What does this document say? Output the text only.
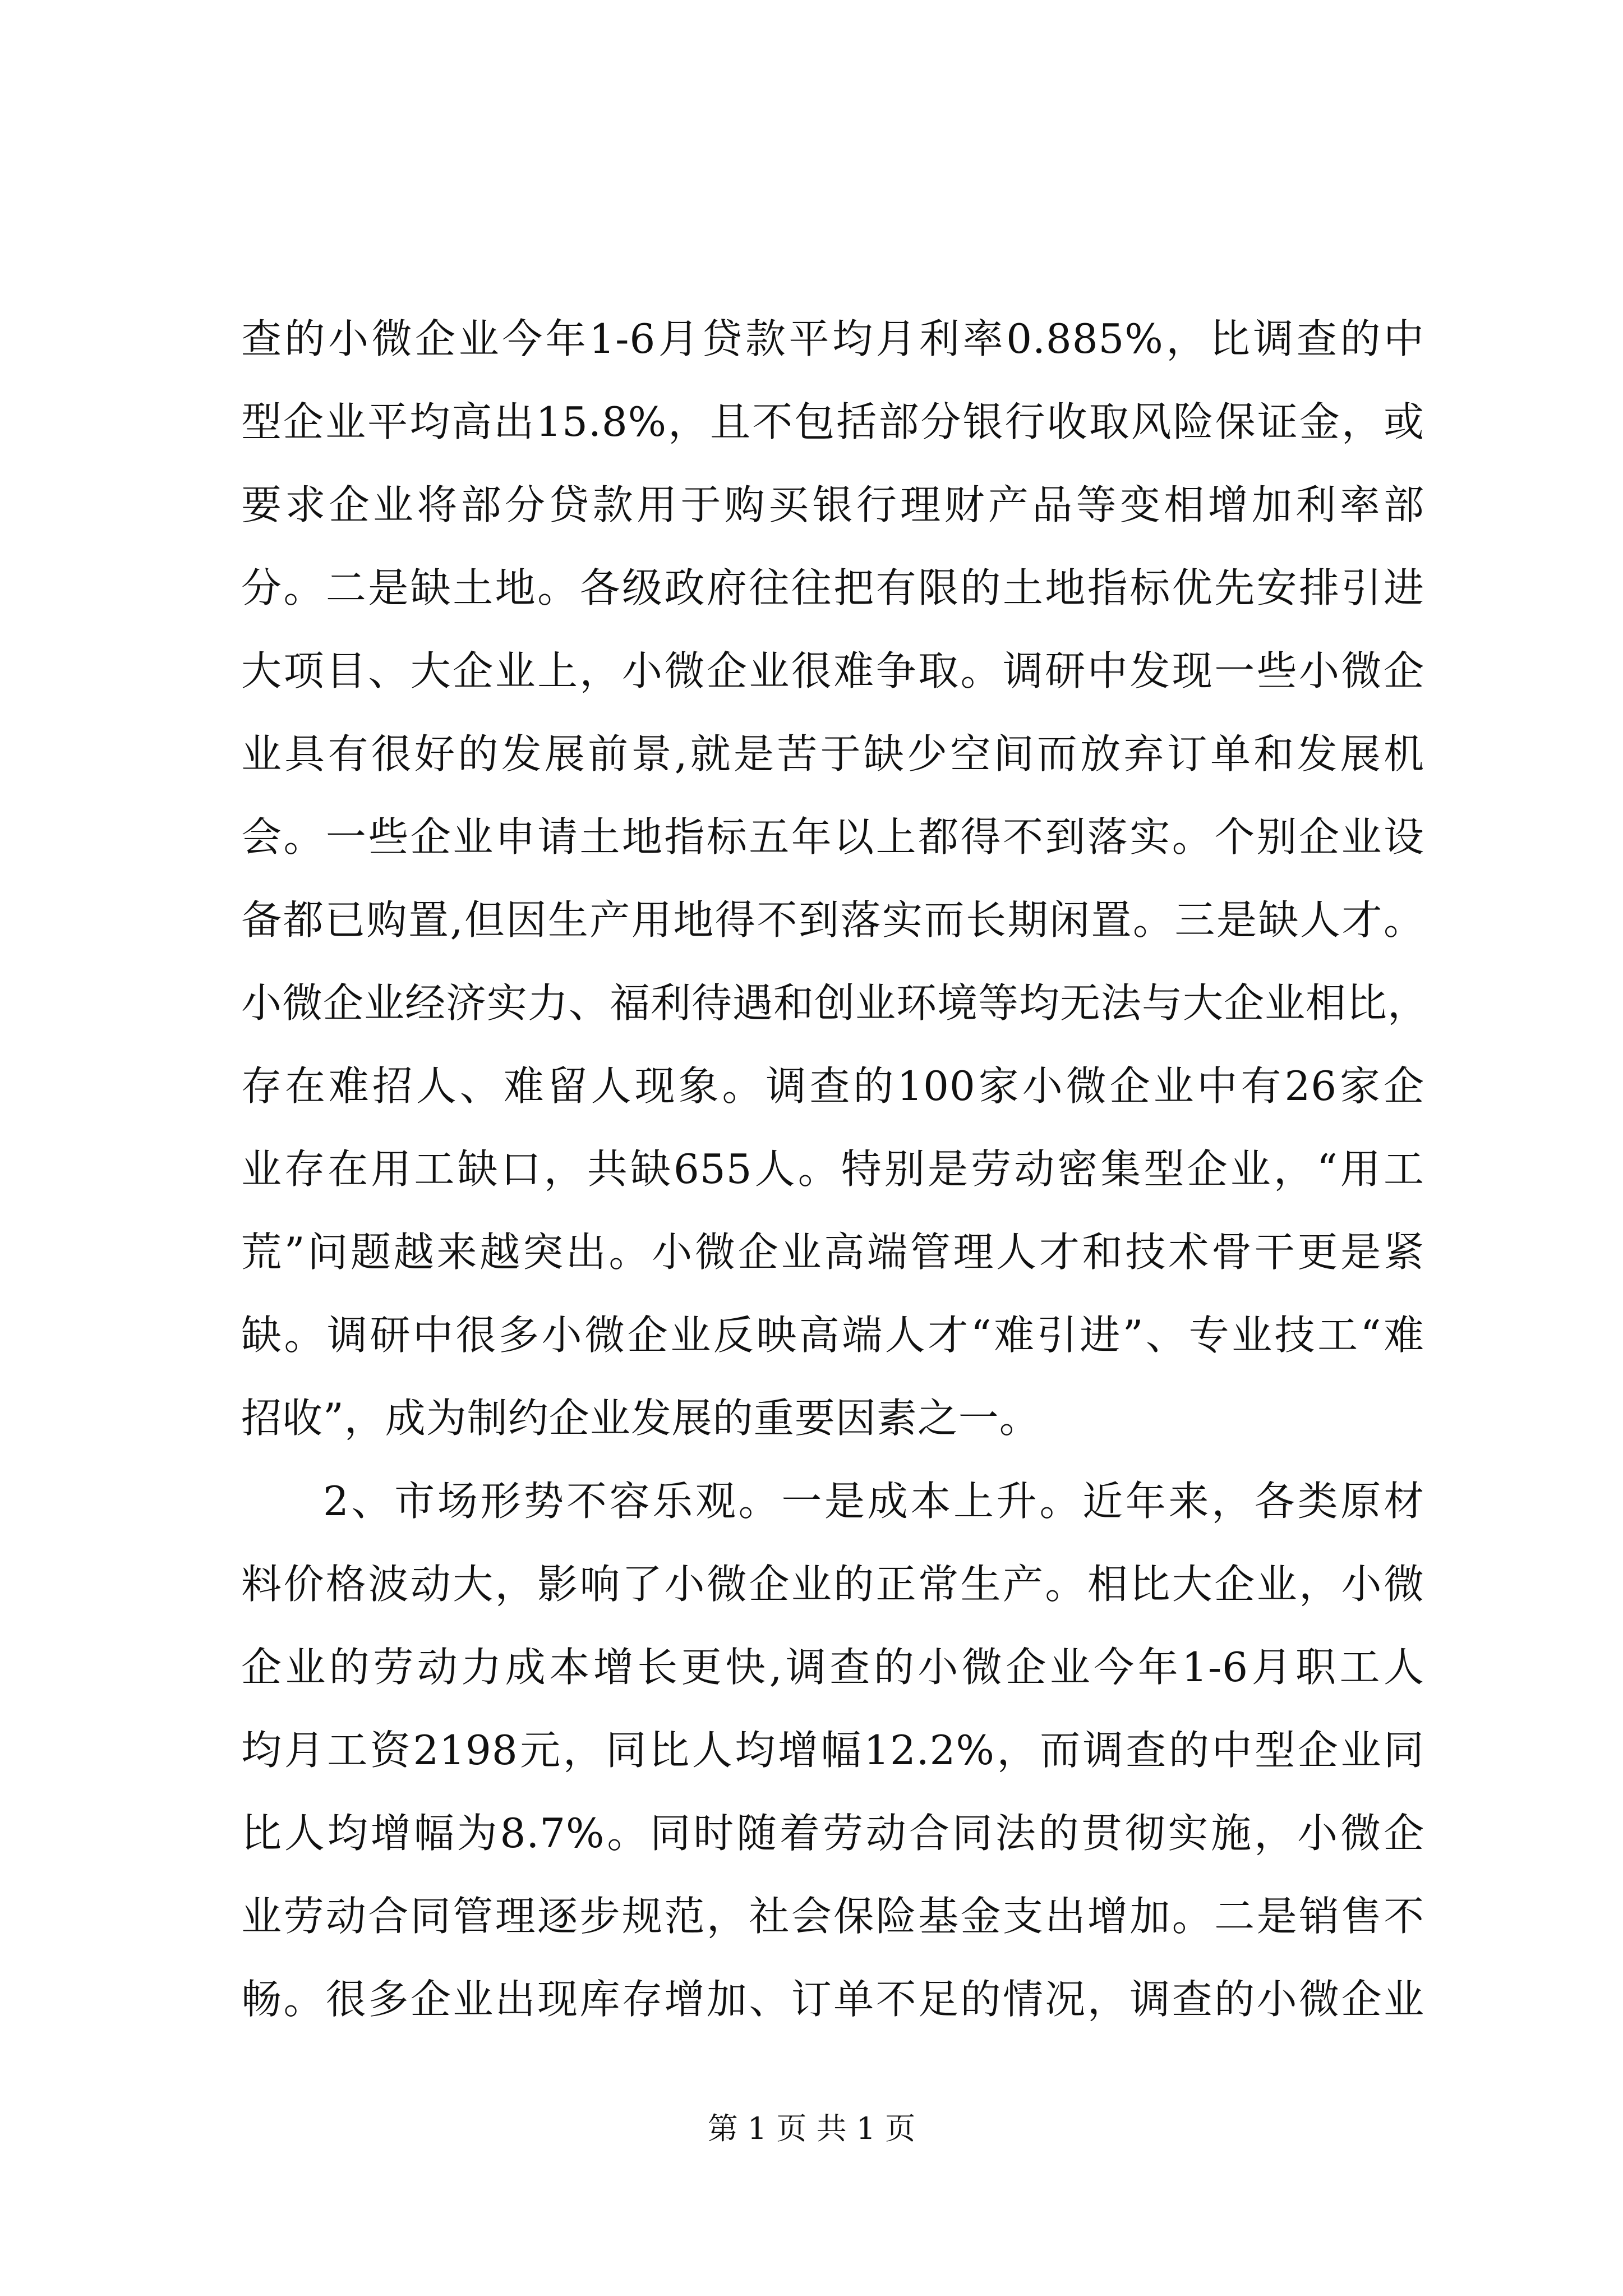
查的小微企业今年1-6月贷款平均月利率0.885%，比调查的中
型企业平均高出15.8%，且不包括部分银行收取风险保证金，或
要求企业将部分贷款用于购买银行理财产品等变相增加利率部
分。二是缺土地。各级政府往往把有限的土地指标优先安排引进
大项目、大企业上，小微企业很难争取。调研中发现一些小微企
业具有很好的发展前景,就是苦于缺少空间而放弃订单和发展机
会。一些企业申请土地指标五年以上都得不到落实。个别企业设
备都已购置,但因生产用地得不到落实而长期闲置。三是缺人才。
小微企业经济实力、福利待遇和创业环境等均无法与大企业相比，
存在难招人、难留人现象。调查的100家小微企业中有26家企
业存在用工缺口，共缺655人。特别是劳动密集型企业，“用工
荒”问题越来越突出。小微企业高端管理人才和技术骨干更是紧
缺。调研中很多小微企业反映高端人才“难引进”、专业技工“难
招收”，成为制约企业发展的重要因素之一。
2、市场形势不容乐观。一是成本上升。近年来，各类原材
料价格波动大，影响了小微企业的正常生产。相比大企业，小微
企业的劳动力成本增长更快,调查的小微企业今年1-6月职工人
均月工资2198元，同比人均增幅12.2%，而调查的中型企业同
比人均增幅为8.7%。同时随着劳动合同法的贯彻实施，小微企
业劳动合同管理逐步规范，社会保险基金支出增加。二是销售不
畅。很多企业出现库存增加、订单不足的情况，调查的小微企业
第 1 页 共 1 页
